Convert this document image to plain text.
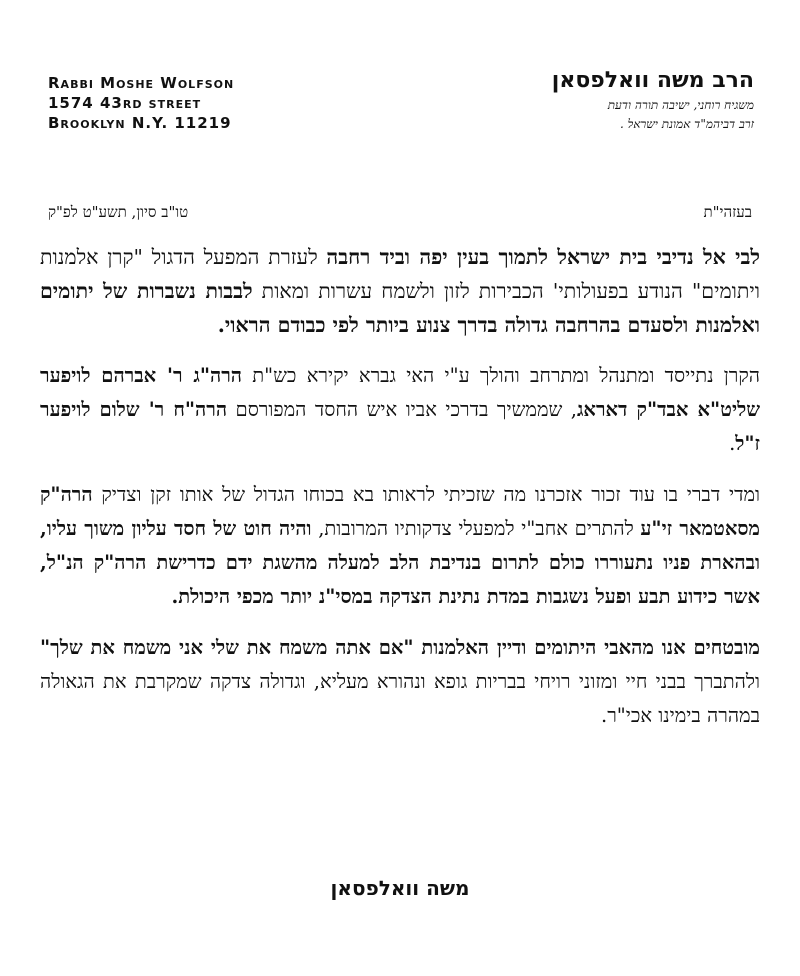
Rabbi Moshe Wolfson
1574 43rd street
Brooklyn N.Y. 11219
הרב משה וואלפסאן
משגיח רוחני, ישיבה תורה ודעת
זרב דביהמ"ד אמונת ישראל .
בעזהי"ת
טו"ב סיון, תשע"ט לפ"ק

לבי אל נדיבי בית ישראל לתמוך בעין יפה וביד רחבה לעזרת המפעל הדגול "קרן אלמנות ויתומים" הנודע בפעולותי' הכבירות לזון ולשמח עשרות ומאות לבבות נשברות של יתומים ואלמנות ולסעדם בהרחבה גדולה בדרך צנוע ביותר לפי כבודם הראוי.

הקרן נתייסד ומתנהל ומתרחב והולך ע"י האי גברא יקירא כש"ת הרה"ג ר' אברהם לויפער שליט"א אבד"ק דאראג, שממשיך בדרכי אביו איש החסד המפורסם הרה"ח ר' שלום לויפער ז"ל.

ומדי דברי בו עוד זכור אזכרנו מה שזכיתי לראותו בא בכוחו הגדול של אותו זקן וצדיק הרה"ק מסאטמאר זי"ע להתרים אחב"י למפעלי צדקותיו המרובות, והיה חוט של חסד עליון משוך עליו, ובהארת פניו נתעוררו כולם לתרום בנדיבת הלב למעלה מהשגת ידם כדרישת הרה"ק הנ"ל, אשר כידוע תבע ופעל נשגבות במדת נתינת הצדקה במסי"נ יותר מכפי היכולת.

מובטחים אנו מהאבי היתומים ודיין האלמנות "אם אתה משמח את שלי אני משמח את שלך" ולהתברך בבני חיי ומזוני רויחי בבריות גופא ונהורא מעליא, וגדולה צדקה שמקרבת את הגאולה במהרה בימינו אכי"ר.

משה וואלפסאן
